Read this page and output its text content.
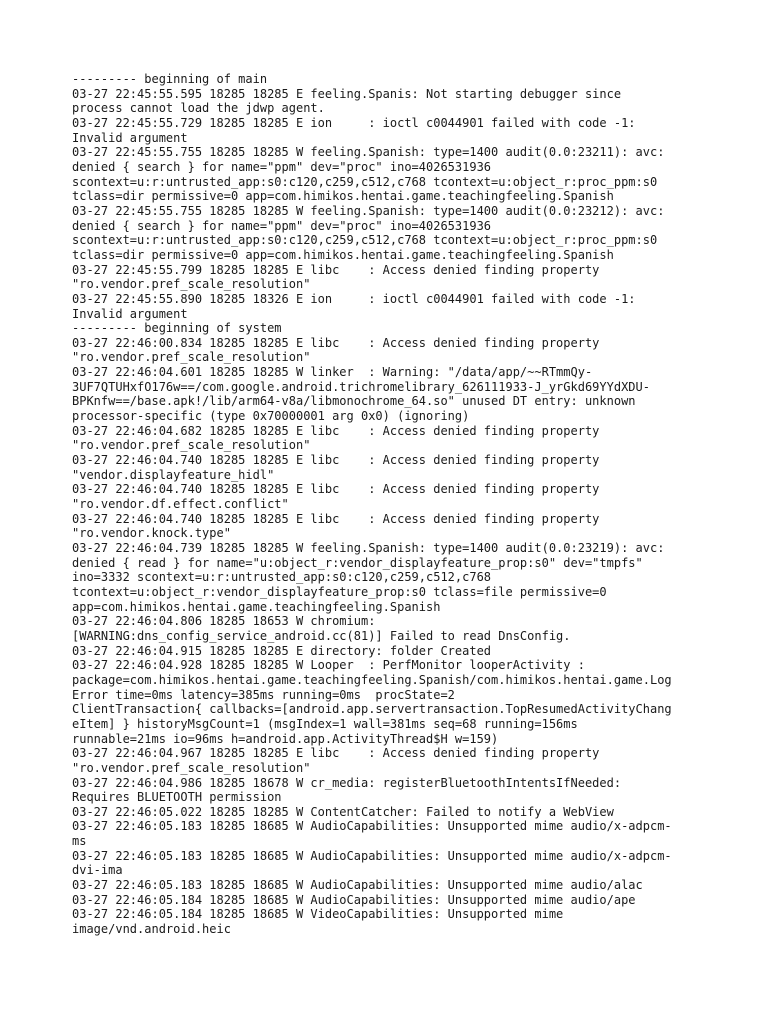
--------- beginning of main
03-27 22:45:55.595 18285 18285 E feeling.Spanis: Not starting debugger since
process cannot load the jdwp agent.
03-27 22:45:55.729 18285 18285 E ion     : ioctl c0044901 failed with code -1:
Invalid argument
03-27 22:45:55.755 18285 18285 W feeling.Spanish: type=1400 audit(0.0:23211): avc:
denied { search } for name="ppm" dev="proc" ino=4026531936
scontext=u:r:untrusted_app:s0:c120,c259,c512,c768 tcontext=u:object_r:proc_ppm:s0
tclass=dir permissive=0 app=com.himikos.hentai.game.teachingfeeling.Spanish
03-27 22:45:55.755 18285 18285 W feeling.Spanish: type=1400 audit(0.0:23212): avc:
denied { search } for name="ppm" dev="proc" ino=4026531936
scontext=u:r:untrusted_app:s0:c120,c259,c512,c768 tcontext=u:object_r:proc_ppm:s0
tclass=dir permissive=0 app=com.himikos.hentai.game.teachingfeeling.Spanish
03-27 22:45:55.799 18285 18285 E libc    : Access denied finding property
"ro.vendor.pref_scale_resolution"
03-27 22:45:55.890 18285 18326 E ion     : ioctl c0044901 failed with code -1:
Invalid argument
--------- beginning of system
03-27 22:46:00.834 18285 18285 E libc    : Access denied finding property
"ro.vendor.pref_scale_resolution"
03-27 22:46:04.601 18285 18285 W linker  : Warning: "/data/app/~~RTmmQy-
3UF7QTUHxfO176w==/com.google.android.trichromelibrary_626111933-J_yrGkd69YYdXDU-
BPKnfw==/base.apk!/lib/arm64-v8a/libmonochrome_64.so" unused DT entry: unknown
processor-specific (type 0x70000001 arg 0x0) (ignoring)
03-27 22:46:04.682 18285 18285 E libc    : Access denied finding property
"ro.vendor.pref_scale_resolution"
03-27 22:46:04.740 18285 18285 E libc    : Access denied finding property
"vendor.displayfeature_hidl"
03-27 22:46:04.740 18285 18285 E libc    : Access denied finding property
"ro.vendor.df.effect.conflict"
03-27 22:46:04.740 18285 18285 E libc    : Access denied finding property
"ro.vendor.knock.type"
03-27 22:46:04.739 18285 18285 W feeling.Spanish: type=1400 audit(0.0:23219): avc:
denied { read } for name="u:object_r:vendor_displayfeature_prop:s0" dev="tmpfs"
ino=3332 scontext=u:r:untrusted_app:s0:c120,c259,c512,c768
tcontext=u:object_r:vendor_displayfeature_prop:s0 tclass=file permissive=0
app=com.himikos.hentai.game.teachingfeeling.Spanish
03-27 22:46:04.806 18285 18653 W chromium:
[WARNING:dns_config_service_android.cc(81)] Failed to read DnsConfig.
03-27 22:46:04.915 18285 18285 E directory: folder Created
03-27 22:46:04.928 18285 18285 W Looper  : PerfMonitor looperActivity :
package=com.himikos.hentai.game.teachingfeeling.Spanish/com.himikos.hentai.game.Log
Error time=0ms latency=385ms running=0ms  procState=2
ClientTransaction{ callbacks=[android.app.servertransaction.TopResumedActivityChang
eItem] } historyMsgCount=1 (msgIndex=1 wall=381ms seq=68 running=156ms
runnable=21ms io=96ms h=android.app.ActivityThread$H w=159)
03-27 22:46:04.967 18285 18285 E libc    : Access denied finding property
"ro.vendor.pref_scale_resolution"
03-27 22:46:04.986 18285 18678 W cr_media: registerBluetoothIntentsIfNeeded:
Requires BLUETOOTH permission
03-27 22:46:05.022 18285 18285 W ContentCatcher: Failed to notify a WebView
03-27 22:46:05.183 18285 18685 W AudioCapabilities: Unsupported mime audio/x-adpcm-
ms
03-27 22:46:05.183 18285 18685 W AudioCapabilities: Unsupported mime audio/x-adpcm-
dvi-ima
03-27 22:46:05.183 18285 18685 W AudioCapabilities: Unsupported mime audio/alac
03-27 22:46:05.184 18285 18685 W AudioCapabilities: Unsupported mime audio/ape
03-27 22:46:05.184 18285 18685 W VideoCapabilities: Unsupported mime
image/vnd.android.heic
